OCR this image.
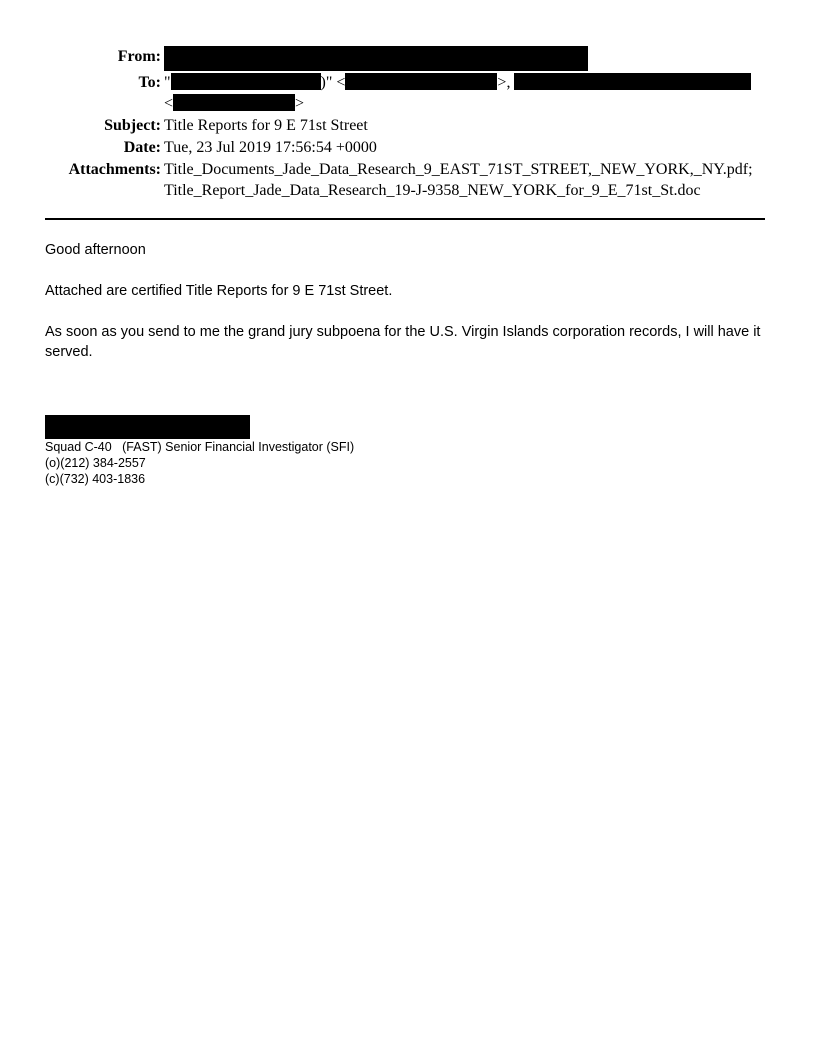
From:
To: "	)" <	>,
<	>
Subject: Title Reports for 9 E 71st Street
Date: Tue, 23 Jul 2019 17:56:54 +0000
Attachments: Title_Documents_Jade_Data_Research_9_EAST_71ST_STREET,_NEW_YORK,_NY.pdf;
Title_Report_Jade_Data_Research_19-J-9358_NEW_YORK_for_9_E_71st_St.doc

Good afternoon

Attached are certified Title Reports for 9 E 71st Street.

As soon as you send to me the grand jury subpoena for the U.S. Virgin Islands corporation records, I will have it served.

Squad C-40   (FAST) Senior Financial Investigator (SFI)
(o)(212) 384-2557
(c)(732) 403-1836
